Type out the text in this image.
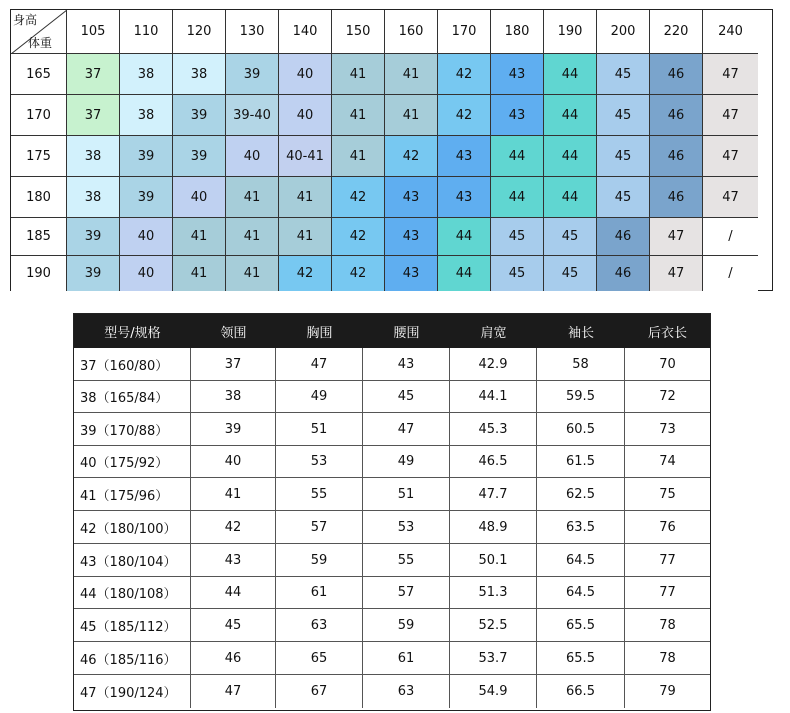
身高
体重
105	110	120	130	140	150	160	170	180	190	200	220	240
165	37	38	38	39	40	41	41	42	43	44	45	46	47
170	37	38	39	39-40	40	41	41	42	43	44	45	46	47
175	38	39	39	40	40-41	41	42	43	44	44	45	46	47
180	38	39	40	41	41	42	43	43	44	44	45	46	47
185	39	40	41	41	41	42	43	44	45	45	46	47	/
190	39	40	41	41	42	42	43	44	45	45	46	47	/
型号/规格	领围	胸围	腰围	肩宽	袖长	后衣长
37（160/80）	37	47	43	42.9	58	70
38（165/84）	38	49	45	44.1	59.5	72
39（170/88）	39	51	47	45.3	60.5	73
40（175/92）	40	53	49	46.5	61.5	74
41（175/96）	41	55	51	47.7	62.5	75
42（180/100）	42	57	53	48.9	63.5	76
43（180/104）	43	59	55	50.1	64.5	77
44（180/108）	44	61	57	51.3	64.5	77
45（185/112）	45	63	59	52.5	65.5	78
46（185/116）	46	65	61	53.7	65.5	78
47（190/124）	47	67	63	54.9	66.5	79
